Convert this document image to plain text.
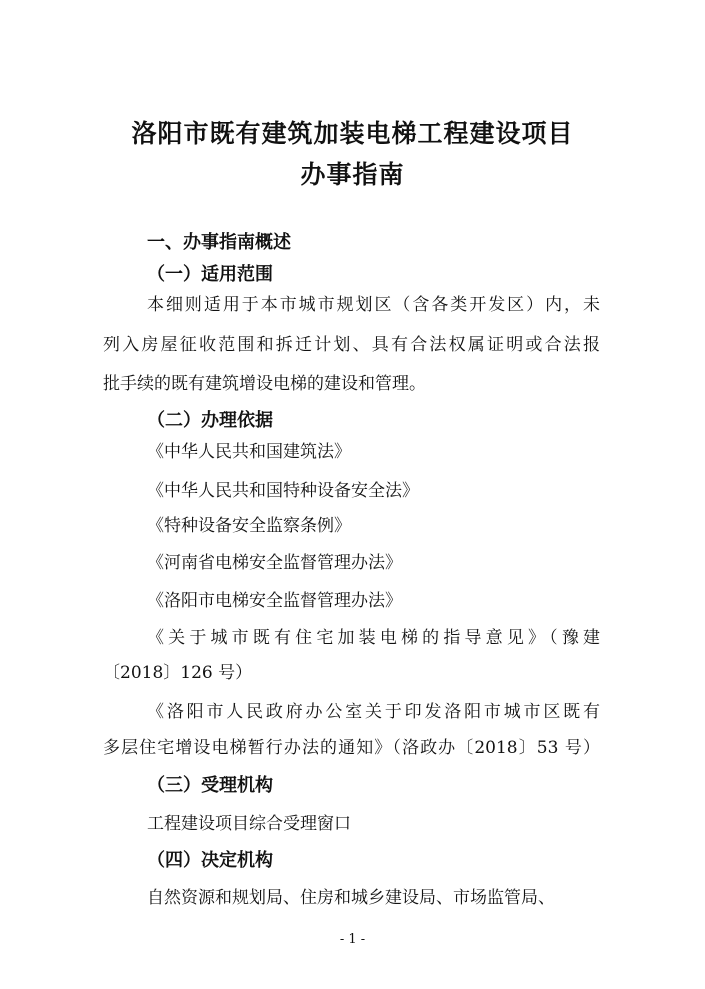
洛阳市既有建筑加装电梯工程建设项目
办事指南
一、办事指南概述
（一）适用范围
本细则适用于本市城市规划区（含各类开发区）内，未
列入房屋征收范围和拆迁计划、具有合法权属证明或合法报
批手续的既有建筑增设电梯的建设和管理。
（二）办理依据
《中华人民共和国建筑法》
《中华人民共和国特种设备安全法》
《特种设备安全监察条例》
《河南省电梯安全监督管理办法》
《洛阳市电梯安全监督管理办法》
《关于城市既有住宅加装电梯的指导意见》（豫建
〔2018〕126 号）
《洛阳市人民政府办公室关于印发洛阳市城市区既有
多层住宅增设电梯暂行办法的通知》（洛政办〔2018〕53 号）
（三）受理机构
工程建设项目综合受理窗口
（四）决定机构
自然资源和规划局、住房和城乡建设局、市场监管局、
- 1 -
